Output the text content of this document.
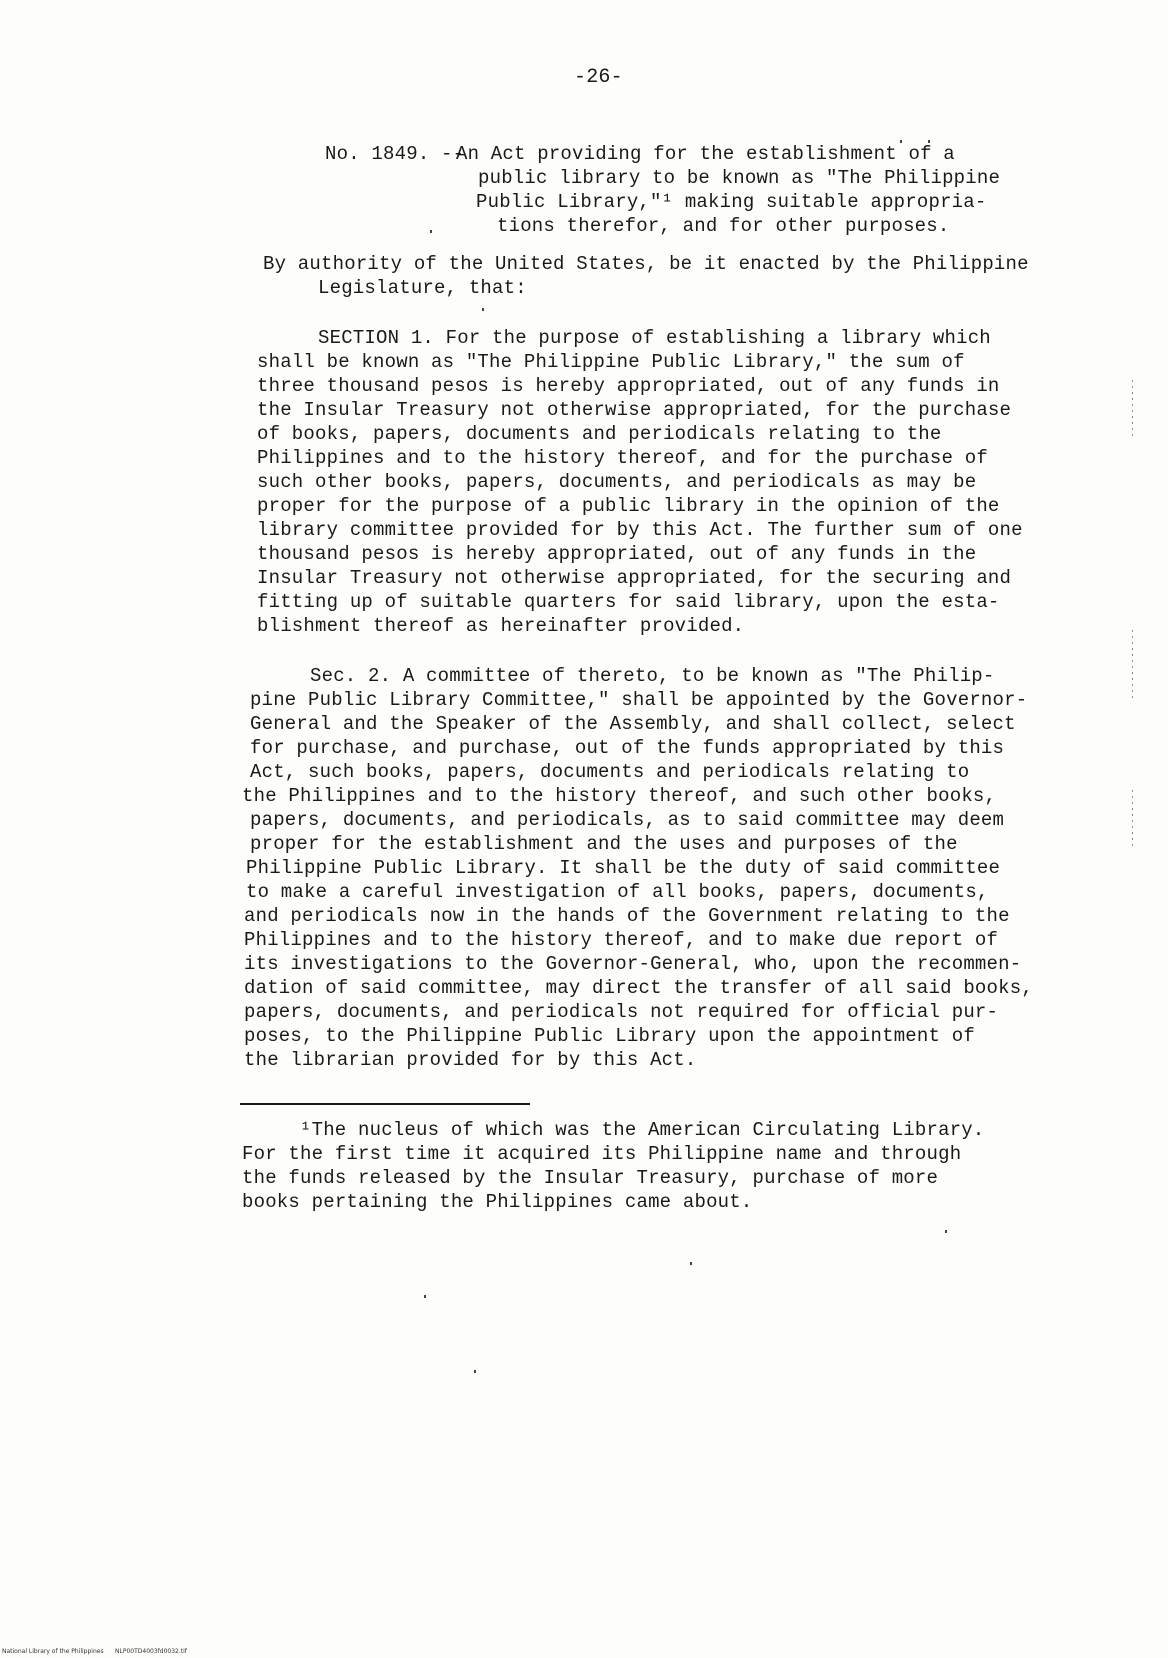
-26-
No. 1849. --
An Act providing for the establishment of a
public library to be known as "The Philippine
Public Library,"¹ making suitable appropria-
tions therefor, and for other purposes.
By authority of the United States, be it enacted by the Philippine
Legislature, that:
SECTION 1. For the purpose of establishing a library which
shall be known as "The Philippine Public Library," the sum of
three thousand pesos is hereby appropriated, out of any funds in
the Insular Treasury not otherwise appropriated, for the purchase
of books, papers, documents and periodicals relating to the
Philippines and to the history thereof, and for the purchase of
such other books, papers, documents, and periodicals as may be
proper for the purpose of a public library in the opinion of the
library committee provided for by this Act. The further sum of one
thousand pesos is hereby appropriated, out of any funds in the
Insular Treasury not otherwise appropriated, for the securing and
fitting up of suitable quarters for said library, upon the esta-
blishment thereof as hereinafter provided.
Sec. 2. A committee of thereto, to be known as "The Philip-
pine Public Library Committee," shall be appointed by the Governor-
General and the Speaker of the Assembly, and shall collect, select
for purchase, and purchase, out of the funds appropriated by this
Act, such books, papers, documents and periodicals relating to
the Philippines and to the history thereof, and such other books,
papers, documents, and periodicals, as to said committee may deem
proper for the establishment and the uses and purposes of the
Philippine Public Library. It shall be the duty of said committee
to make a careful investigation of all books, papers, documents,
and periodicals now in the hands of the Government relating to the
Philippines and to the history thereof, and to make due report of
its investigations to the Governor-General, who, upon the recommen-
dation of said committee, may direct the transfer of all said books,
papers, documents, and periodicals not required for official pur-
poses, to the Philippine Public Library upon the appointment of
the librarian provided for by this Act.
¹The nucleus of which was the American Circulating Library.
For the first time it acquired its Philippine name and through
the funds released by the Insular Treasury, purchase of more
books pertaining the Philippines came about.
National Library of the Philippines NLP00TD4003fd0032.tif
